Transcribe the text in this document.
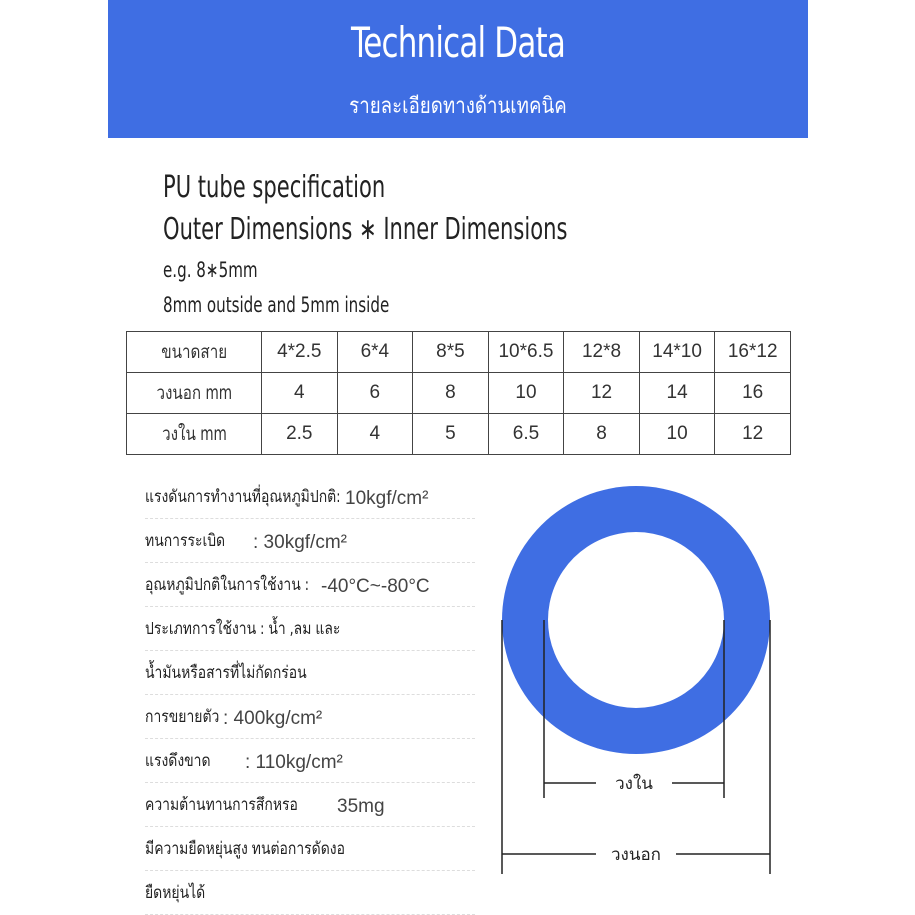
Technical Data
รายละเอียดทางด้านเทคนิค
PU tube specification
Outer Dimensions ∗ Inner Dimensions
e.g. 8∗5mm
8mm outside and 5mm inside
ขนาดสาย	4*2.5	6*4	8*5	10*6.5	12*8	14*10	16*12
วงนอก mm	4	6	8	10	12	14	16
วงใน mm	2.5	4	5	6.5	8	10	12
แรงดันการทำงานที่อุณหภูมิปกติ: 10kgf/cm²
ทนการระเบิด : 30kgf/cm²
อุณหภูมิปกติในการใช้งาน : -40°C~-80°C
ประเภทการใช้งาน : น้ำ ,ลม และ
น้ำมันหรือสารที่ไม่กัดกร่อน
การขยายตัว : 400kg/cm²
แรงดึงขาด : 110kg/cm²
ความต้านทานการสึกหรอ 35mg
มีความยืดหยุ่นสูง ทนต่อการดัดงอ
ยืดหยุ่นได้
วงใน
วงนอก
